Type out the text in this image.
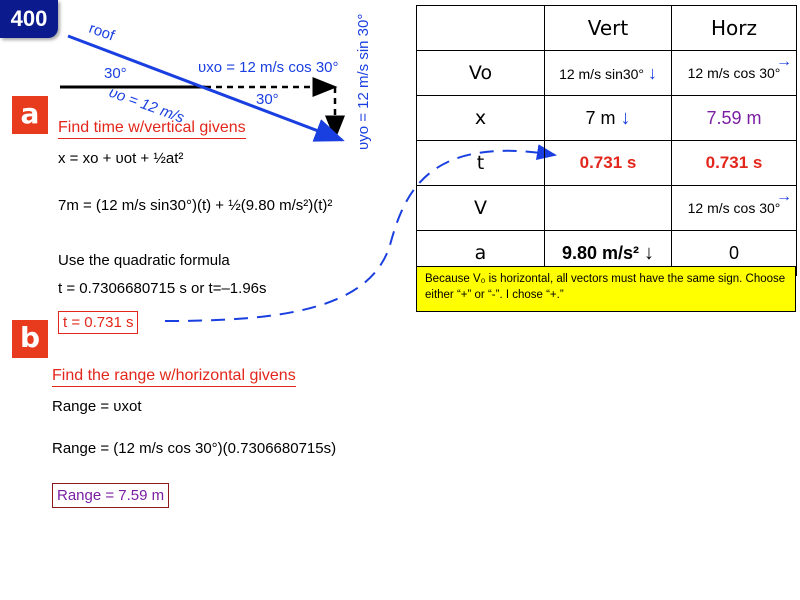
400
roof
30°
30°
υo = 12 m/s
υxo = 12 m/s cos 30° υyo = 12 m/s sin 30°
a	Find time w/vertical givens
x = xo + υot + ½at²
7m = (12 m/s sin30°)(t) + ½(9.80 m/s²)(t)²
Use the quadratic formula
t = 0.7306680715 s or t=–1.96s
t = 0.731 s
b
Find the range w/horizontal givens
Range = υxot
Range = (12 m/s cos 30°)(0.7306680715s)
Range = 7.59 m
	Vert	Horz
Vo	12 m/s sin30° ↓	12 m/s cos 30°
→

x	7 m ↓	7.59 m
t	0.731 s	0.731 s
V		12 m/s cos 30°
→

a	9.80 m/s² ↓	0
Because V₀ is horizontal, all vectors must have the same sign. Choose either “+” or “-”. I chose “+.”
